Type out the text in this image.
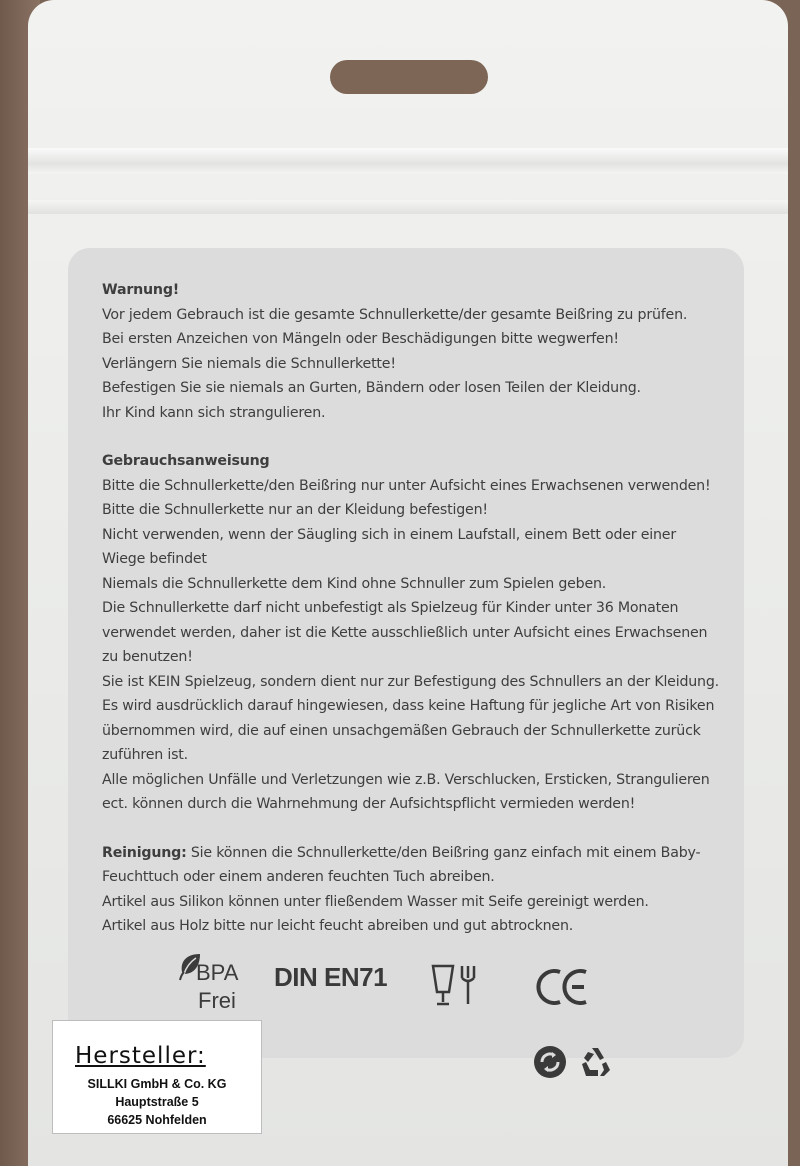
Warnung!

Vor jedem Gebrauch ist die gesamte Schnullerkette/der gesamte Beißring zu prüfen.

Bei ersten Anzeichen von Mängeln oder Beschädigungen bitte wegwerfen!

Verlängern Sie niemals die Schnullerkette!

Befestigen Sie sie niemals an Gurten, Bändern oder losen Teilen der Kleidung.

Ihr Kind kann sich strangulieren.

Gebrauchsanweisung

Bitte die Schnullerkette/den Beißring nur unter Aufsicht eines Erwachsenen verwenden!

Bitte die Schnullerkette nur an der Kleidung befestigen!

Nicht verwenden, wenn der Säugling sich in einem Laufstall, einem Bett oder einer

Wiege befindet

Niemals die Schnullerkette dem Kind ohne Schnuller zum Spielen geben.

Die Schnullerkette darf nicht unbefestigt als Spielzeug für Kinder unter 36 Monaten

verwendet werden, daher ist die Kette ausschließlich unter Aufsicht eines Erwachsenen

zu benutzen!

Sie ist KEIN Spielzeug, sondern dient nur zur Befestigung des Schnullers an der Kleidung.

Es wird ausdrücklich darauf hingewiesen, dass keine Haftung für jegliche Art von Risiken

übernommen wird, die auf einen unsachgemäßen Gebrauch der Schnullerkette zurück

zuführen ist.

Alle möglichen Unfälle und Verletzungen wie z.B. Verschlucken, Ersticken, Strangulieren

ect. können durch die Wahrnehmung der Aufsichtspflicht vermieden werden!

Reinigung: Sie können die Schnullerkette/den Beißring ganz einfach mit einem Baby-

Feuchttuch oder einem anderen feuchten Tuch abreiben.

Artikel aus Silikon können unter fließendem Wasser mit Seife gereinigt werden.

Artikel aus Holz bitte nur leicht feucht abreiben und gut abtrocknen.

BPA
Frei
DIN EN71
Hersteller:
SILLKI GmbH & Co. KG
Hauptstraße 5
66625 Nohfelden
